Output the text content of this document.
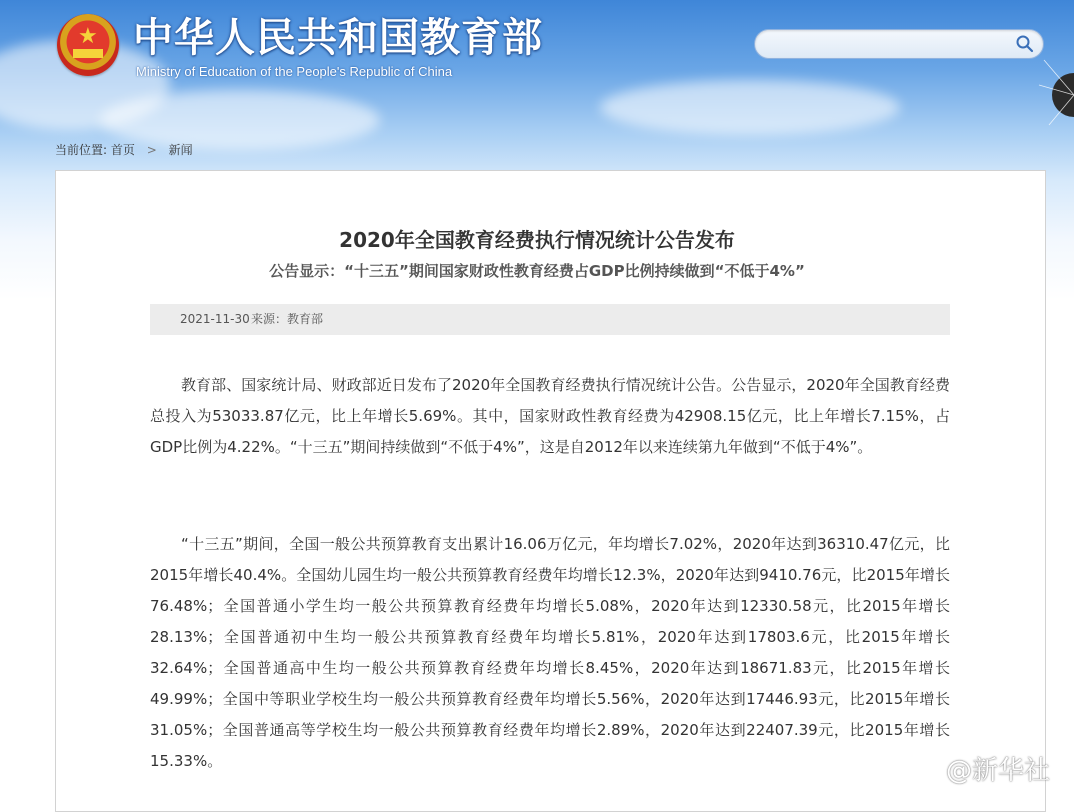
★ 中华人民共和国教育部
Ministry of Education of the People's Republic of China
当前位置: 首页 > 新闻
2020年全国教育经费执行情况统计公告发布
公告显示：“十三五”期间国家财政性教育经费占GDP比例持续做到“不低于4%”
2021-11-30 来源：教育部

教育部、国家统计局、财政部近日发布了2020年全国教育经费执行情况统计公告。公告显示，2020年全国教育经费总投入为53033.87亿元，比上年增长5.69%。其中，国家财政性教育经费为42908.15亿元，比上年增长7.15%，占GDP比例为4.22%。“十三五”期间持续做到“不低于4%”，这是自2012年以来连续第九年做到“不低于4%”。

“十三五”期间，全国一般公共预算教育支出累计16.06万亿元，年均增长7.02%，2020年达到36310.47亿元，比2015年增长40.4%。全国幼儿园生均一般公共预算教育经费年均增长12.3%，2020年达到9410.76元，比2015年增长76.48%；全国普通小学生均一般公共预算教育经费年均增长5.08%，2020年达到12330.58元，比2015年增长28.13%；全国普通初中生均一般公共预算教育经费年均增长5.81%，2020年达到17803.6元，比2015年增长32.64%；全国普通高中生均一般公共预算教育经费年均增长8.45%，2020年达到18671.83元，比2015年增长49.99%；全国中等职业学校生均一般公共预算教育经费年均增长5.56%，2020年达到17446.93元，比2015年增长31.05%；全国普通高等学校生均一般公共预算教育经费年均增长2.89%，2020年达到22407.39元，比2015年增长15.33%。	@新华社
